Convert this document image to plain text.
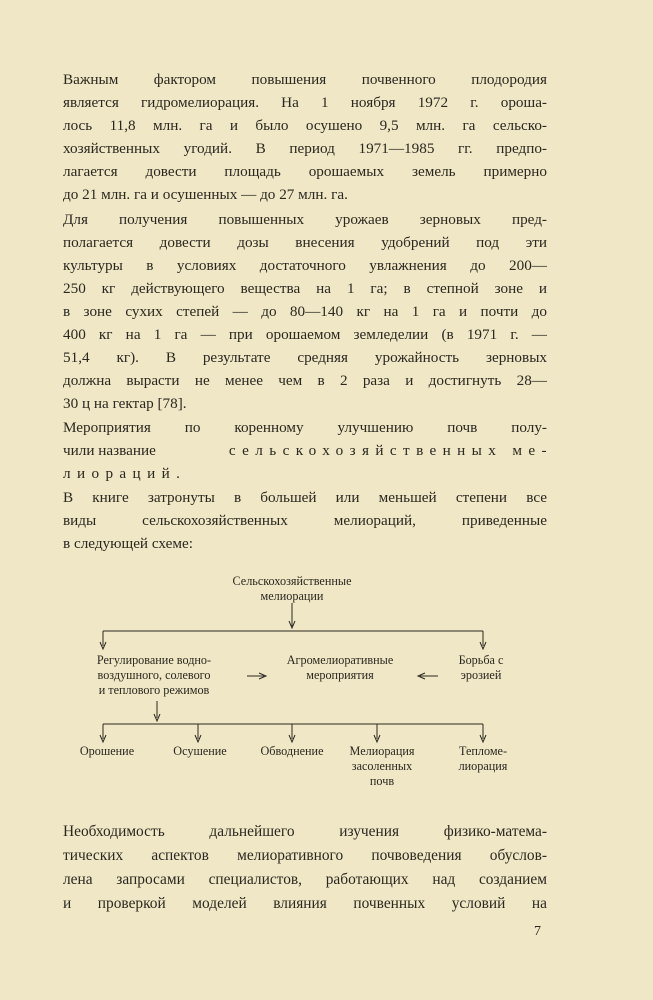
Важным фактором повышения почвенного плодородия
является гидромелиорация. На 1 ноября 1972 г. ороша-
лось 11,8 млн. га и было осушено 9,5 млн. га сельско-
хозяйственных угодий. В период 1971—1985 гг. предпо-
лагается довести площадь орошаемых земель примерно
до 21 млн. га и осушенных — до 27 млн. га.
Для получения повышенных урожаев зерновых пред-
полагается довести дозы внесения удобрений под эти
культуры в условиях достаточного увлажнения до 200—
250 кг действующего вещества на 1 га; в степной зоне и
в зоне сухих степей — до 80—140 кг на 1 га и почти до
400 кг на 1 га — при орошаемом земледелии (в 1971 г. —
51,4 кг). В результате средняя урожайность зерновых
должна вырасти не менее чем в 2 раза и достигнуть 28—
30 ц на гектар [78].
Мероприятия по коренному улучшению почв полу-
чили название	сельскохозяйственных ме-
лиораций.
В книге затронуты в большей или меньшей степени все
виды сельскохозяйственных мелиораций, приведенные
в следующей схеме:
Сельскохозяйственные
мелиорации
Регулирование водно-
воздушного, солевого
и теплового режимов
Агромелиоративные
мероприятия
Борьба с
эрозией
Орошение	Осушение	Обводнение	Мелиорация
засоленных
почв
Тепломе-
лиорация
Необходимость дальнейшего изучения физико-матема-
тических аспектов мелиоративного почвоведения обуслов-
лена запросами специалистов, работающих над созданием
и проверкой моделей влияния почвенных условий на
7
